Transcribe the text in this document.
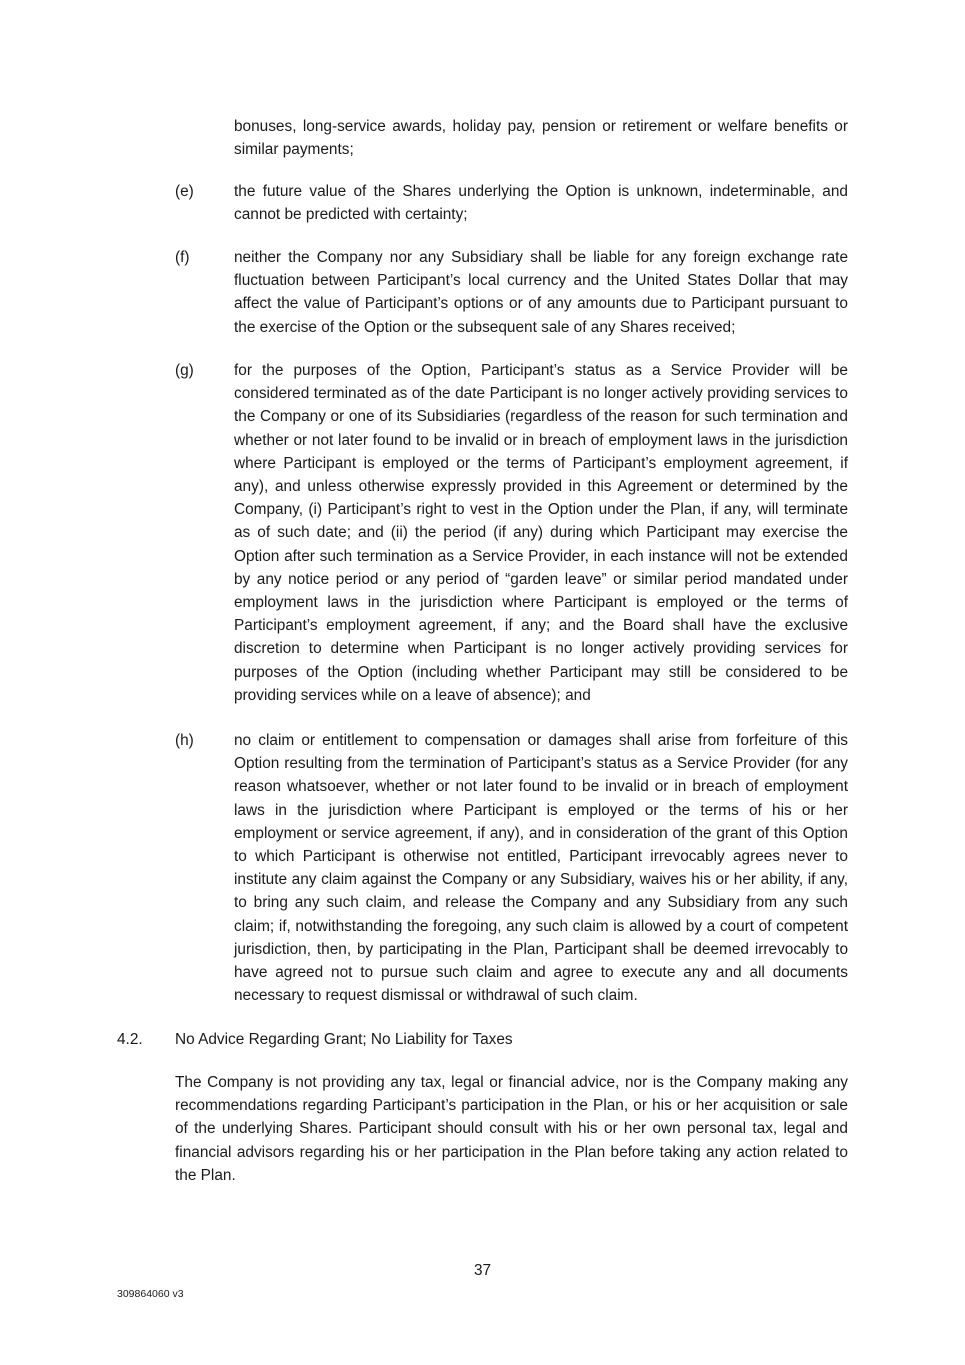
bonuses, long-service awards, holiday pay, pension or retirement or welfare benefits or similar payments;
(e)	the future value of the Shares underlying the Option is unknown, indeterminable, and cannot be predicted with certainty;
(f)	neither the Company nor any Subsidiary shall be liable for any foreign exchange rate fluctuation between Participant’s local currency and the United States Dollar that may affect the value of Participant’s options or of any amounts due to Participant pursuant to the exercise of the Option or the subsequent sale of any Shares received;
(g)	for the purposes of the Option, Participant’s status as a Service Provider will be considered terminated as of the date Participant is no longer actively providing services to the Company or one of its Subsidiaries (regardless of the reason for such termination and whether or not later found to be invalid or in breach of employment laws in the jurisdiction where Participant is employed or the terms of Participant’s employment agreement, if any), and unless otherwise expressly provided in this Agreement or determined by the Company, (i) Participant’s right to vest in the Option under the Plan, if any, will terminate as of such date; and (ii) the period (if any) during which Participant may exercise the Option after such termination as a Service Provider, in each instance will not be extended by any notice period or any period of “garden leave” or similar period mandated under employment laws in the jurisdiction where Participant is employed or the terms of Participant’s employment agreement, if any; and the Board shall have the exclusive discretion to determine when Participant is no longer actively providing services for purposes of the Option (including whether Participant may still be considered to be providing services while on a leave of absence); and
(h)	no claim or entitlement to compensation or damages shall arise from forfeiture of this Option resulting from the termination of Participant’s status as a Service Provider (for any reason whatsoever, whether or not later found to be invalid or in breach of employment laws in the jurisdiction where Participant is employed or the terms of his or her employment or service agreement, if any), and in consideration of the grant of this Option to which Participant is otherwise not entitled, Participant irrevocably agrees never to institute any claim against the Company or any Subsidiary, waives his or her ability, if any, to bring any such claim, and release the Company and any Subsidiary from any such claim; if, notwithstanding the foregoing, any such claim is allowed by a court of competent jurisdiction, then, by participating in the Plan, Participant shall be deemed irrevocably to have agreed not to pursue such claim and agree to execute any and all documents necessary to request dismissal or withdrawal of such claim.
4.2. No Advice Regarding Grant; No Liability for Taxes
The Company is not providing any tax, legal or financial advice, nor is the Company making any recommendations regarding Participant’s participation in the Plan, or his or her acquisition or sale of the underlying Shares. Participant should consult with his or her own personal tax, legal and financial advisors regarding his or her participation in the Plan before taking any action related to the Plan.
37
309864060 v3
